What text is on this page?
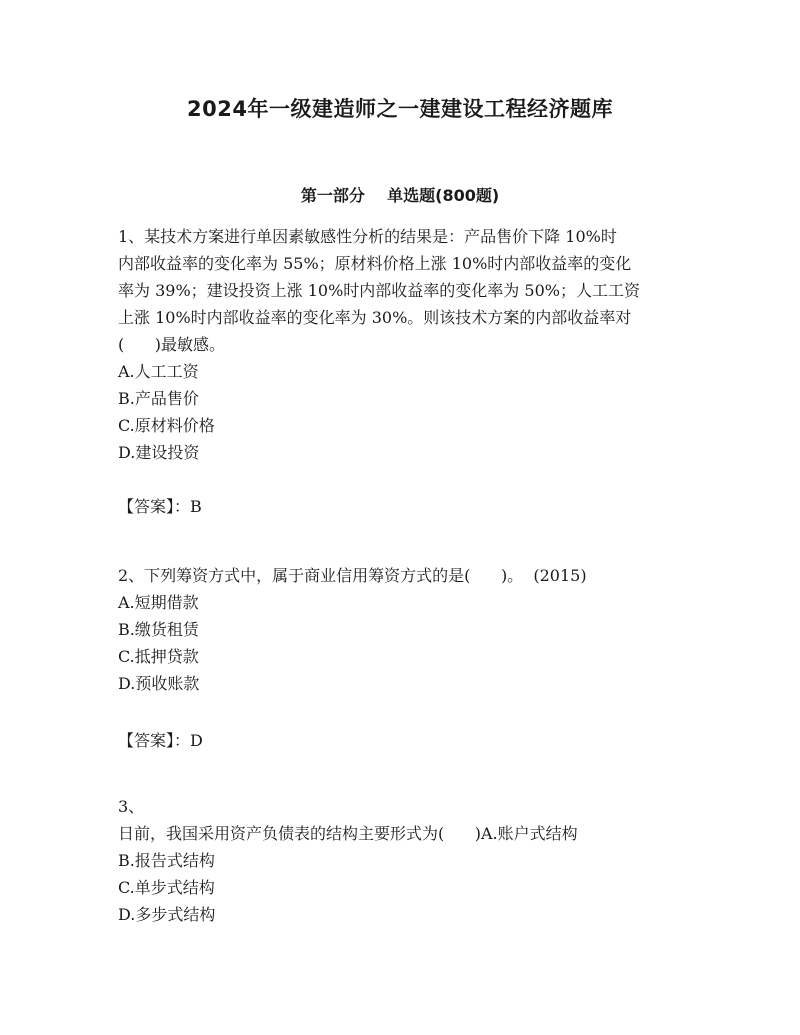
2024年一级建造师之一建建设工程经济题库
第一部分    单选题(800题)
1、某技术方案进行单因素敏感性分析的结果是：产品售价下降 10%时
内部收益率的变化率为 55%；原材料价格上涨 10%时内部收益率的变化
率为 39%；建设投资上涨 10%时内部收益率的变化率为 50%；人工工资
上涨 10%时内部收益率的变化率为 30%。则该技术方案的内部收益率对
(      )最敏感。
A.人工工资
B.产品售价
C.原材料价格
D.建设投资
【答案】：B
2、下列筹资方式中，属于商业信用筹资方式的是(      )。  (2015)
A.短期借款
B.缴货租赁
C.抵押贷款
D.预收账款
【答案】：D
3、
日前，我国采用资产负债表的结构主要形式为(      )A.账户式结构
B.报告式结构
C.单步式结构
D.多步式结构
